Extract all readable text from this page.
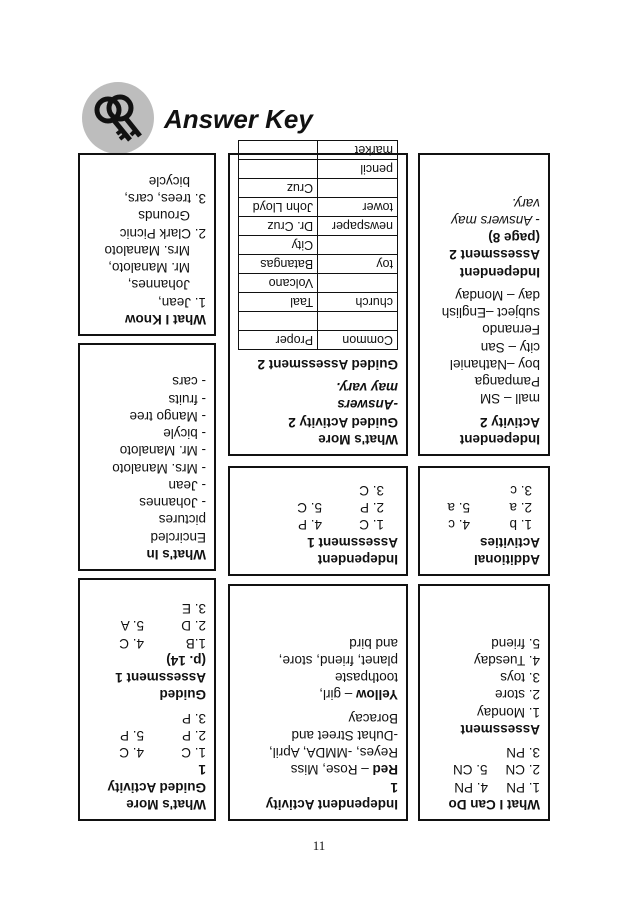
Answer Key
What I Know
1. Jean,
Johannes,
Mr. Manaloto,
Mrs. Manaloto
2. Clark Picnic
Grounds
3. trees, cars,
bicycle
What's In
Encircled
pictures
- Johannes
- Jean
- Mrs. Manaloto
- Mr. Manaloto
- bicyle
- Mango tree
- fruits
- cars
What's More
Guided Activity
1
1. C
4. C
2. P
5. P
3. P
Guided
Assessment 1
(p. 14)
1.B
4. C
2. D
5. A
3. E
What's More
Guided Activity 2
-Answers
may vary.
Guided Assessment 2
Common	Proper

church	Taal
	Volcano
toy	Batangas
	City
newspaper	Dr. Cruz
tower	John Lloyd
	Cruz
pencil	
market	
Independent
Assessment 1
1. C
4. P
2. P
5. C
3. C
Independent Activity
1
Red – Rose, Miss
Reyes, -MMDA, April,
-Duhat Street and
Boracay
Yellow – girl,
toothpaste
planet, friend, store,
and bird
Independent
Activity 2
mall – SM
Pampanga
boy –Nathaniel
city – San
Fernando
subject –English
day – Monday
Independent
Assessment 2
(page 8)
- Answers may
vary.
Additional
Activities
1. b
4. c
2. a
5. a
3. c
What I Can Do
1. PN
4. PN
2. CN
5. CN
3. PN
Assessment
1. Monday
2. store
3. toys
4. Tuesday
5. friend
11
